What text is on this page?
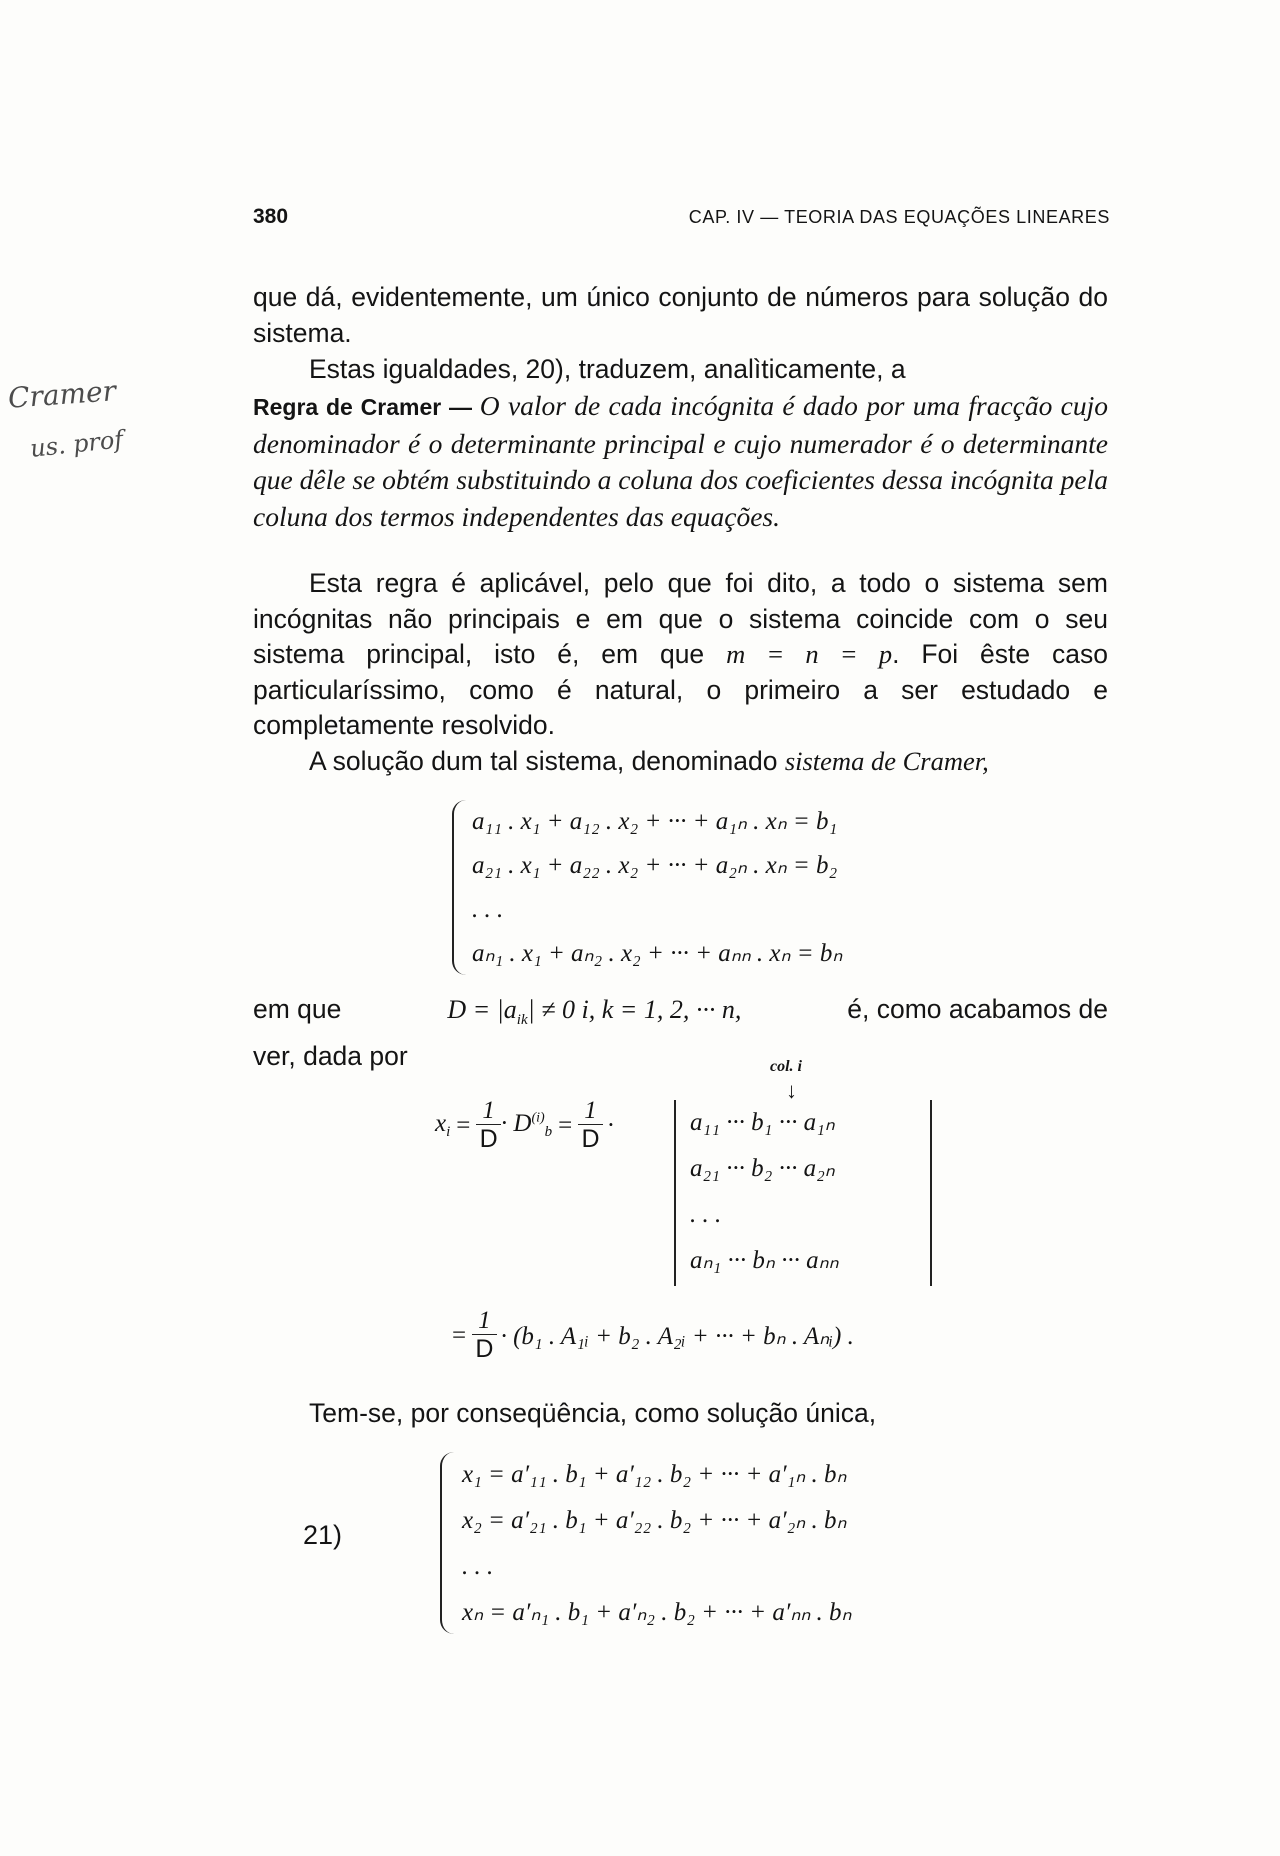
380	CAP. IV — TEORIA DAS EQUAÇÕES LINEARES
Cramer
us. prof

que dá, evidentemente, um único conjunto de números para solução do sistema.

Estas igualdades, 20), traduzem, analìticamente, a

Regra de Cramer — O valor de cada incógnita é dado por uma fracção cujo denominador é o determinante principal e cujo numerador é o determinante que dêle se obtém substituindo a coluna dos coeficientes dessa incógnita pela coluna dos termos independentes das equações.

Esta regra é aplicável, pelo que foi dito, a todo o sistema sem incógnitas não principais e em que o sistema coincide com o seu sistema principal, isto é, em que m = n = p. Foi êste caso particularíssimo, como é natural, o primeiro a ser estudado e completamente resolvido.

A solução dum tal sistema, denominado sistema de Cramer,

a₁₁ . x₁ + a₁₂ . x₂ + ··· + a₁ₙ . xₙ = b₁
a₂₁ . x₁ + a₂₂ . x₂ + ··· + a₂ₙ . xₙ = b₂
. . .
aₙ₁ . x₁ + aₙ₂ . x₂ + ··· + aₙₙ . xₙ = bₙ
em que	$D = |a_{ik}| \ne 0$ i, k = 1, 2, ··· n,	é, como acabamos de
ver, dada por	col. i
↓
$x_i = \frac{1}{D} \cdot D^{(i)}_b = \frac{1}{D}$ ·	a₁₁ ··· b₁ ··· a₁ₙ
a₂₁ ··· b₂ ··· a₂ₙ
. . .
aₙ₁ ··· bₙ ··· aₙₙ
= $\frac{1}{D} \cdot (b_1$ . A₁ᵢ + b₂ . A₂ᵢ + ··· + bₙ . Aₙᵢ) .

Tem-se, por conseqüência, como solução única,

21)
x₁ = a′₁₁ . b₁ + a′₁₂ . b₂ + ··· + a′₁ₙ . bₙ
x₂ = a′₂₁ . b₁ + a′₂₂ . b₂ + ··· + a′₂ₙ . bₙ
. . .
xₙ = a′ₙ₁ . b₁ + a′ₙ₂ . b₂ + ··· + a′ₙₙ . bₙ
